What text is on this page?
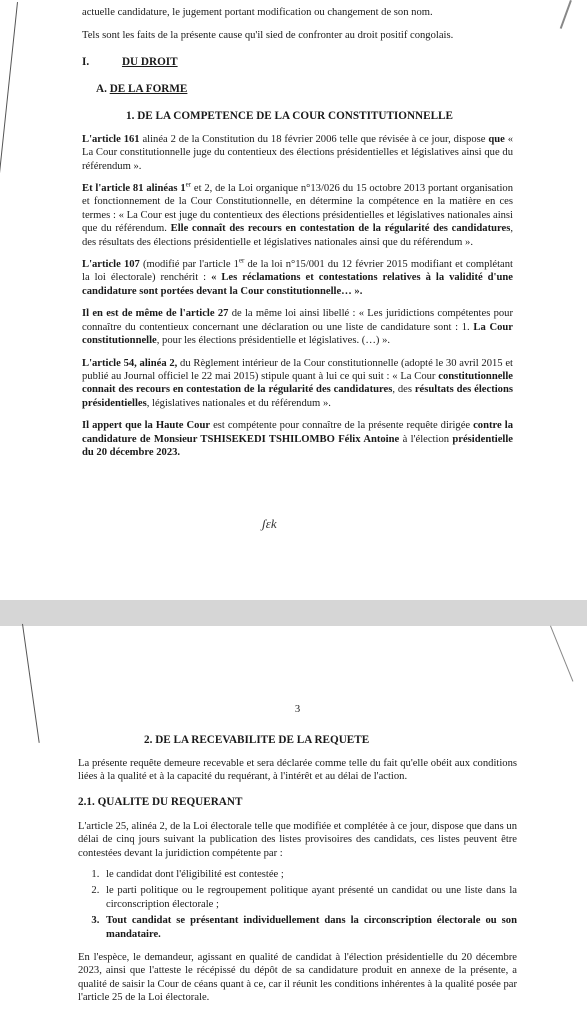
actuelle candidature, le jugement portant modification ou changement de son nom.

Tels sont les faits de la présente cause qu'il sied de confronter au droit positif congolais.

I.	DU DROIT
A. DE LA FORME
1. DE LA COMPETENCE DE LA COUR CONSTITUTIONNELLE

L'article 161 alinéa 2 de la Constitution du 18 février 2006 telle que révisée à ce jour, dispose que « La Cour constitutionnelle juge du contentieux des élections présidentielles et législatives ainsi que du référendum ».

Et l'article 81 alinéas 1er et 2, de la Loi organique n°13/026 du 15 octobre 2013 portant organisation et fonctionnement de la Cour Constitutionnelle, en détermine la compétence en la matière en ces termes : « La Cour est juge du contentieux des élections présidentielles et législatives nationales ainsi que du référendum. Elle connaît des recours en contestation de la régularité des candidatures, des résultats des élections présidentielle et législatives nationales ainsi que du référendum ».

L'article 107 (modifié par l'article 1er de la loi n°15/001 du 12 février 2015 modifiant et complétant la loi électorale) renchérit : « Les réclamations et contestations relatives à la validité d'une candidature sont portées devant la Cour constitutionnelle… ».

Il en est de même de l'article 27 de la même loi ainsi libellé : « Les juridictions compétentes pour connaître du contentieux concernant une déclaration ou une liste de candidature sont : 1. La Cour constitutionnelle, pour les élections présidentielle et législatives. (…) ».

L'article 54, alinéa 2, du Règlement intérieur de la Cour constitutionnelle (adopté le 30 avril 2015 et publié au Journal officiel le 22 mai 2015) stipule quant à lui ce qui suit : « La Cour constitutionnelle connait des recours en contestation de la régularité des candidatures, des résultats des élections présidentielles, législatives nationales et du référendum ».

Il appert que la Haute Cour est compétente pour connaître de la présente requête dirigée contre la candidature de Monsieur TSHISEKEDI TSHILOMBO Félix Antoine à l'élection présidentielle du 20 décembre 2023.

ʃɛk
3
2. DE LA RECEVABILITE DE LA REQUETE

La présente requête demeure recevable et sera déclarée comme telle du fait qu'elle obéit aux conditions liées à la qualité et à la capacité du requérant, à l'intérêt et au délai de l'action.

2.1. QUALITE DU REQUERANT

L'article 25, alinéa 2, de la Loi électorale telle que modifiée et complétée à ce jour, dispose que dans un délai de cinq jours suivant la publication des listes provisoires des candidats, ces listes peuvent être contestées devant la juridiction compétente par :

1. le candidat dont l'éligibilité est contestée ;
2. le parti politique ou le regroupement politique ayant présenté un candidat ou une liste dans la circonscription électorale ;
3. Tout candidat se présentant individuellement dans la circonscription électorale ou son mandataire.

En l'espèce, le demandeur, agissant en qualité de candidat à l'élection présidentielle du 20 décembre 2023, ainsi que l'atteste le récépissé du dépôt de sa candidature produit en annexe de la présente, a qualité de saisir la Cour de céans quant à ce, car il réunit les conditions inhérentes à la qualité posée par l'article 25 de la Loi électorale.
